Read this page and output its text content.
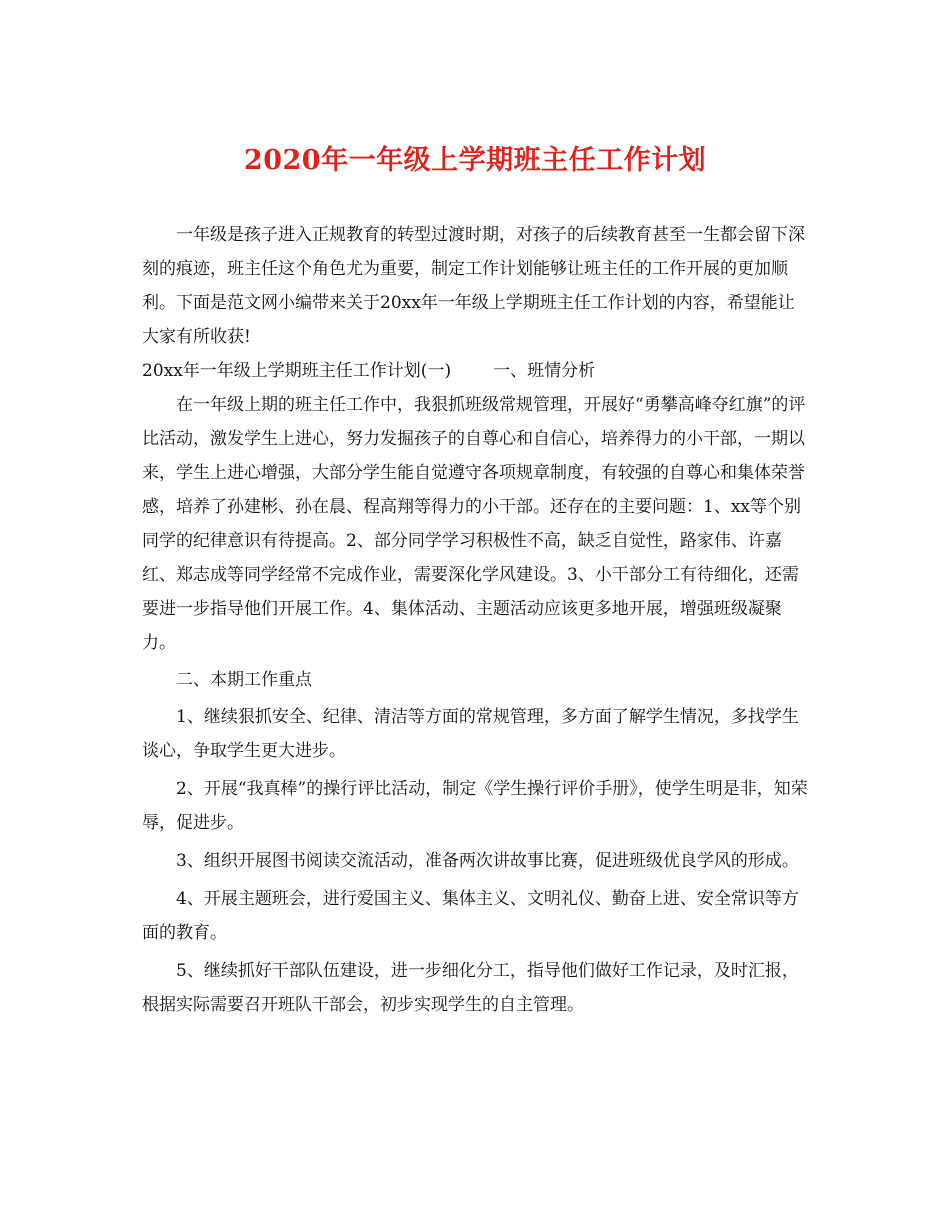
2020年一年级上学期班主任工作计划

一年级是孩子进入正规教育的转型过渡时期，对孩子的后续教育甚至一生都会留下深刻的痕迹，班主任这个角色尤为重要，制定工作计划能够让班主任的工作开展的更加顺利。下面是范文网小编带来关于20xx年一年级上学期班主任工作计划的内容，希望能让大家有所收获!

20xx年一年级上学期班主任工作计划(一) 一、班情分析

在一年级上期的班主任工作中，我狠抓班级常规管理，开展好“勇攀高峰夺红旗”的评比活动，激发学生上进心，努力发掘孩子的自尊心和自信心，培养得力的小干部，一期以来，学生上进心增强，大部分学生能自觉遵守各项规章制度，有较强的自尊心和集体荣誉感，培养了孙建彬、孙在晨、程高翔等得力的小干部。还存在的主要问题：1、xx等个别同学的纪律意识有待提高。2、部分同学学习积极性不高，缺乏自觉性，路家伟、许嘉红、郑志成等同学经常不完成作业，需要深化学风建设。3、小干部分工有待细化，还需要进一步指导他们开展工作。4、集体活动、主题活动应该更多地开展，增强班级凝聚力。

二、本期工作重点

1、继续狠抓安全、纪律、清洁等方面的常规管理，多方面了解学生情况，多找学生谈心，争取学生更大进步。

2、开展“我真棒”的操行评比活动，制定《学生操行评价手册》，使学生明是非，知荣辱，促进步。

3、组织开展图书阅读交流活动，准备两次讲故事比赛，促进班级优良学风的形成。

4、开展主题班会，进行爱国主义、集体主义、文明礼仪、勤奋上进、安全常识等方面的教育。

5、继续抓好干部队伍建设，进一步细化分工，指导他们做好工作记录，及时汇报，根据实际需要召开班队干部会，初步实现学生的自主管理。
